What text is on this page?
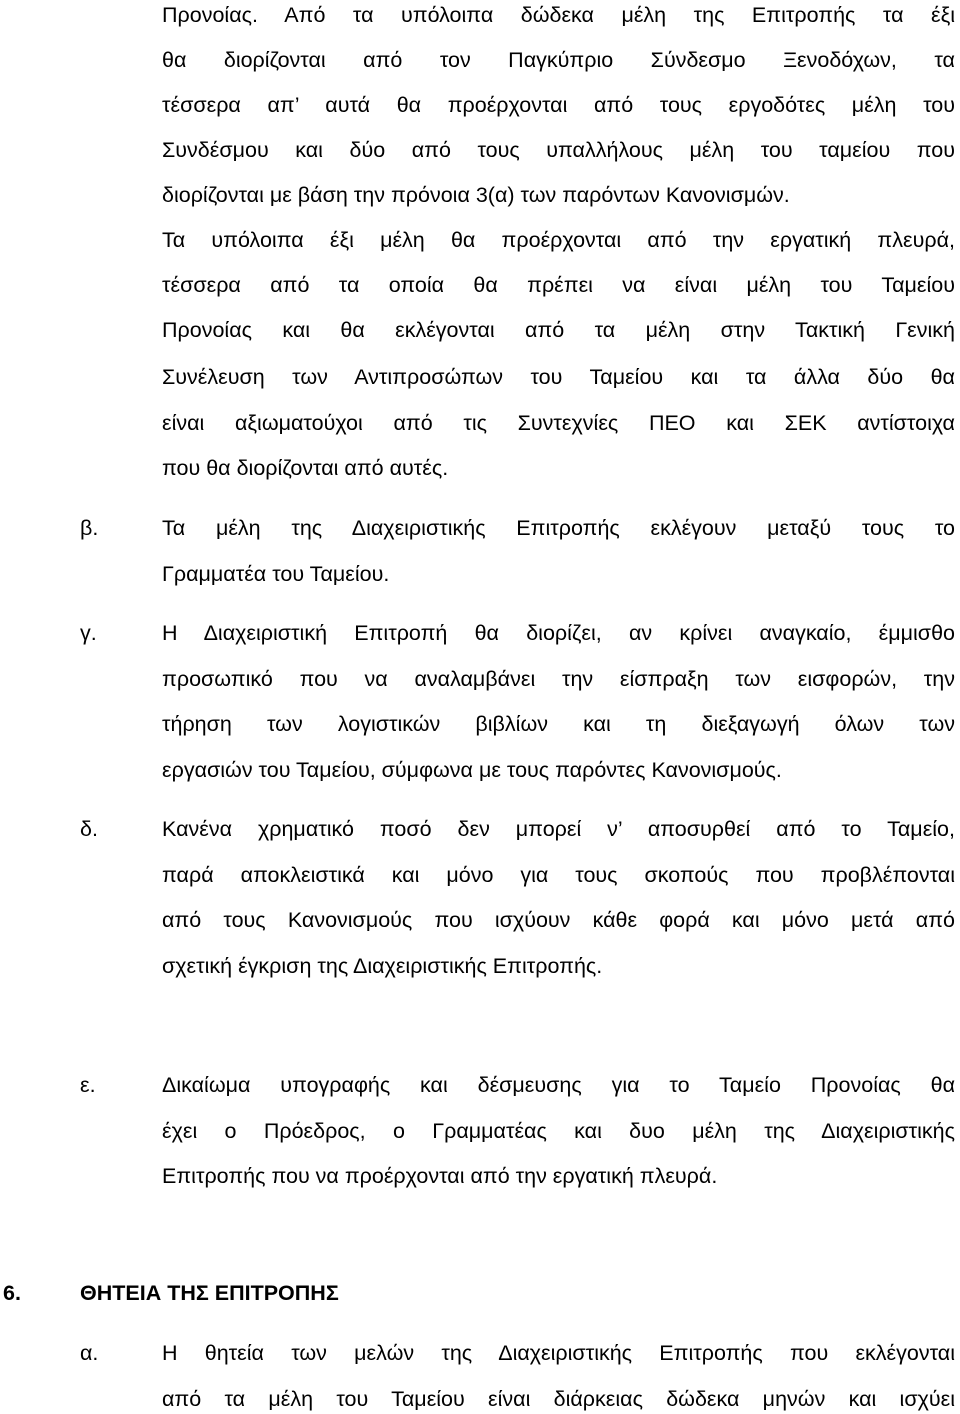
Προνοίας. Από τα υπόλοιπα δώδεκα μέλη της Επιτροπής τα έξι
θα διορίζονται από τον Παγκύπριο Σύνδεσμο Ξενοδόχων, τα
τέσσερα απ’ αυτά θα προέρχονται από τους εργοδότες μέλη του
Συνδέσμου και δύο από τους υπαλλήλους μέλη του ταμείου που
διορίζονται με βάση την πρόνοια 3(α) των παρόντων Κανονισμών.
Τα υπόλοιπα έξι μέλη θα προέρχονται από την εργατική πλευρά,
τέσσερα από τα οποία θα πρέπει να είναι μέλη του Ταμείου
Προνοίας και θα εκλέγονται από τα μέλη στην Τακτική Γενική
Συνέλευση των Αντιπροσώπων του Ταμείου και τα άλλα δύο θα
είναι αξιωματούχοι από τις Συντεχνίες ΠΕΟ και ΣΕΚ αντίστοιχα
που θα διορίζονται από αυτές.
β.	Τα μέλη της Διαχειριστικής Επιτροπής εκλέγουν μεταξύ τους το
Γραμματέα του Ταμείου.
γ.	Η Διαχειριστική Επιτροπή θα διορίζει, αν κρίνει αναγκαίο, έμμισθο
προσωπικό που να αναλαμβάνει την είσπραξη των εισφορών, την
τήρηση των λογιστικών βιβλίων και τη διεξαγωγή όλων των
εργασιών του Ταμείου, σύμφωνα με τους παρόντες Κανονισμούς.
δ.	Κανένα χρηματικό ποσό δεν μπορεί ν’ αποσυρθεί από το Ταμείο,
παρά αποκλειστικά και μόνο για τους σκοπούς που προβλέπονται
από τους Κανονισμούς που ισχύουν κάθε φορά και μόνο μετά από
σχετική έγκριση της Διαχειριστικής Επιτροπής.
ε.	Δικαίωμα υπογραφής και δέσμευσης για το Ταμείο Προνοίας θα
έχει ο Πρόεδρος, ο Γραμματέας και δυο μέλη της Διαχειριστικής
Επιτροπής που να προέρχονται από την εργατική πλευρά.
6.	ΘΗΤΕΙΑ ΤΗΣ ΕΠΙΤΡΟΠΗΣ
α.	Η θητεία των μελών της Διαχειριστικής Επιτροπής που εκλέγονται
από τα μέλη του Ταμείου είναι διάρκειας δώδεκα μηνών και ισχύει
